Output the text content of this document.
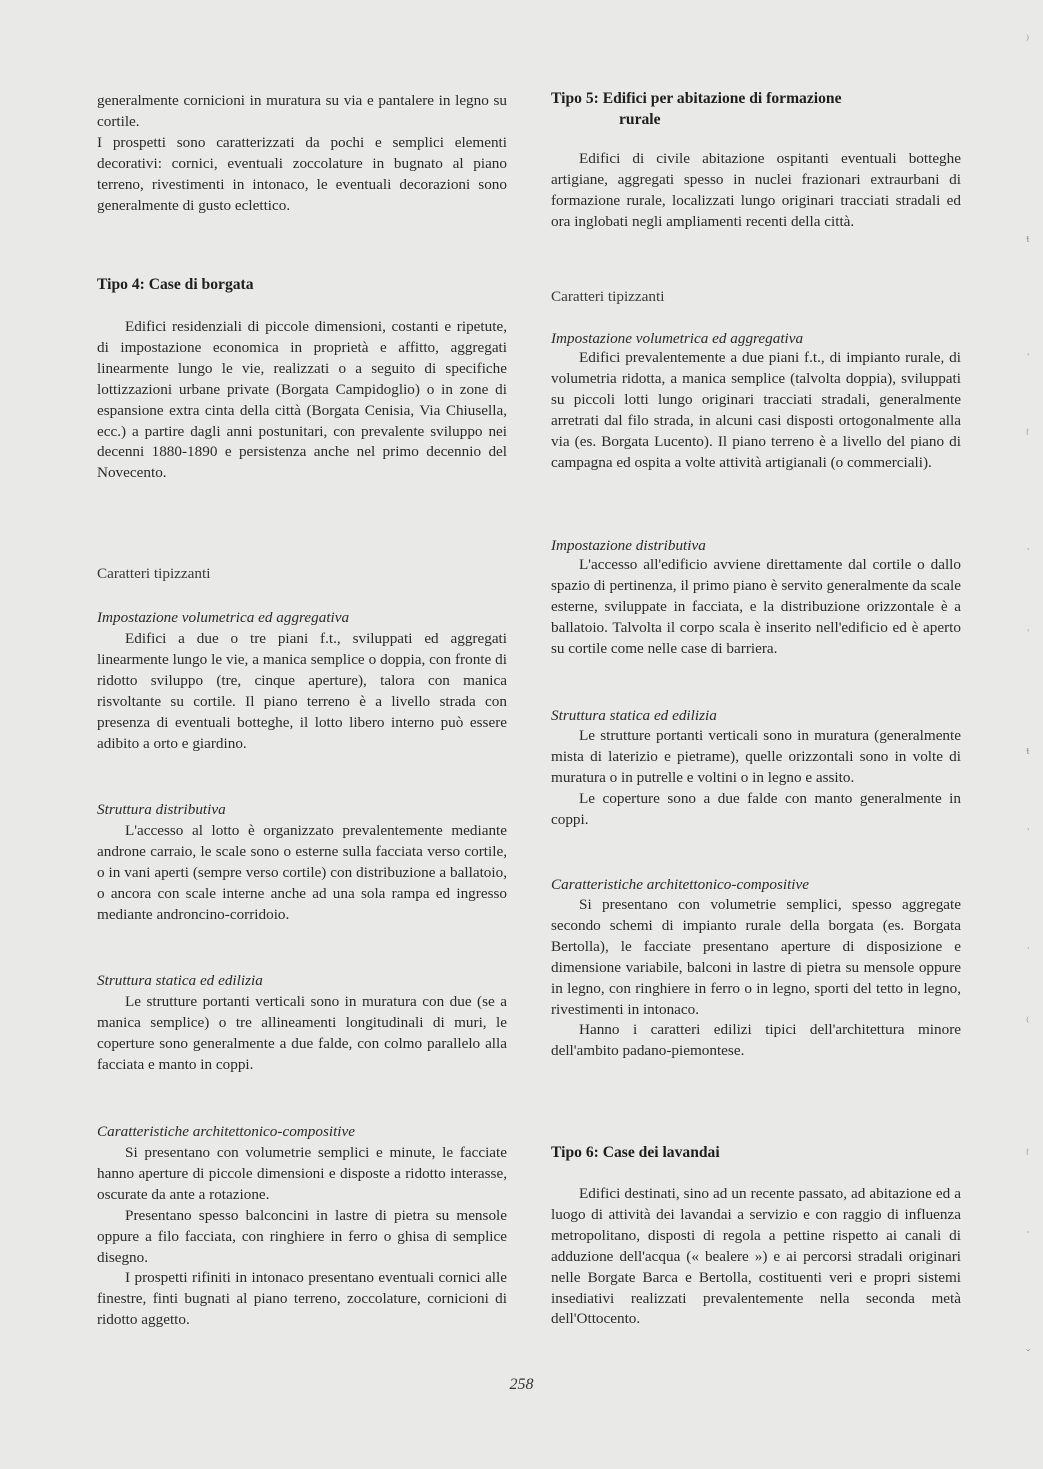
generalmente cornicioni in muratura su via e pantalere in legno su cortile.

I prospetti sono caratterizzati da pochi e semplici elementi decorativi: cornici, eventuali zoccolature in bugnato al piano terreno, rivestimenti in intonaco, le eventuali decorazioni sono generalmente di gusto eclettico.

Tipo 4: Case di borgata

Edifici residenziali di piccole dimensioni, costanti e ripetute, di impostazione economica in proprietà e affitto, aggregati linearmente lungo le vie, realizzati o a seguito di specifiche lottizzazioni urbane private (Borgata Campidoglio) o in zone di espansione extra cinta della città (Borgata Cenisia, Via Chiusella, ecc.) a partire dagli anni postunitari, con prevalente sviluppo nei decenni 1880-1890 e persistenza anche nel primo decennio del Novecento.

Caratteri tipizzanti
Impostazione volumetrica ed aggregativa

Edifici a due o tre piani f.t., sviluppati ed aggregati linearmente lungo le vie, a manica semplice o doppia, con fronte di ridotto sviluppo (tre, cinque aperture), talora con manica risvoltante su cortile. Il piano terreno è a livello strada con presenza di eventuali botteghe, il lotto libero interno può essere adibito a orto e giardino.

Struttura distributiva

L'accesso al lotto è organizzato prevalentemente mediante androne carraio, le scale sono o esterne sulla facciata verso cortile, o in vani aperti (sempre verso cortile) con distribuzione a ballatoio, o ancora con scale interne anche ad una sola rampa ed ingresso mediante androncino-corridoio.

Struttura statica ed edilizia

Le strutture portanti verticali sono in muratura con due (se a manica semplice) o tre allineamenti longitudinali di muri, le coperture sono generalmente a due falde, con colmo parallelo alla facciata e manto in coppi.

Caratteristiche architettonico-compositive

Si presentano con volumetrie semplici e minute, le facciate hanno aperture di piccole dimensioni e disposte a ridotto interasse, oscurate da ante a rotazione.

Presentano spesso balconcini in lastre di pietra su mensole oppure a filo facciata, con ringhiere in ferro o ghisa di semplice disegno.

I prospetti rifiniti in intonaco presentano eventuali cornici alle finestre, finti bugnati al piano terreno, zoccolature, cornicioni di ridotto aggetto.

Tipo 5: Edifici per abitazione di formazione
rurale

Edifici di civile abitazione ospitanti eventuali botteghe artigiane, aggregati spesso in nuclei frazionari extraurbani di formazione rurale, localizzati lungo originari tracciati stradali ed ora inglobati negli ampliamenti recenti della città.

Caratteri tipizzanti
Impostazione volumetrica ed aggregativa

Edifici prevalentemente a due piani f.t., di impianto rurale, di volumetria ridotta, a manica semplice (talvolta doppia), sviluppati su piccoli lotti lungo originari tracciati stradali, generalmente arretrati dal filo strada, in alcuni casi disposti ortogonalmente alla via (es. Borgata Lucento). Il piano terreno è a livello del piano di campagna ed ospita a volte attività artigianali (o commerciali).

Impostazione distributiva

L'accesso all'edificio avviene direttamente dal cortile o dallo spazio di pertinenza, il primo piano è servito generalmente da scale esterne, sviluppate in facciata, e la distribuzione orizzontale è a ballatoio. Talvolta il corpo scala è inserito nell'edificio ed è aperto su cortile come nelle case di barriera.

Struttura statica ed edilizia

Le strutture portanti verticali sono in muratura (generalmente mista di laterizio e pietrame), quelle orizzontali sono in volte di muratura o in putrelle e voltini o in legno e assito.

Le coperture sono a due falde con manto generalmente in coppi.

Caratteristiche architettonico-compositive

Si presentano con volumetrie semplici, spesso aggregate secondo schemi di impianto rurale della borgata (es. Borgata Bertolla), le facciate presentano aperture di disposizione e dimensione variabile, balconi in lastre di pietra su mensole oppure in legno, con ringhiere in ferro o in legno, sporti del tetto in legno, rivestimenti in intonaco.

Hanno i caratteri edilizi tipici dell'architettura minore dell'ambito padano-piemontese.

Tipo 6: Case dei lavandai

Edifici destinati, sino ad un recente passato, ad abitazione ed a luogo di attività dei lavandai a servizio e con raggio di influenza metropolitano, disposti di regola a pettine rispetto ai canali di adduzione dell'acqua (« bealere ») e ai percorsi stradali originari nelle Borgate Barca e Bertolla, costituenti veri e propri sistemi insediativi realizzati prevalentemente nella seconda metà dell'Ottocento.

258
⁾
ᵼ
ʾ
ᶠ
ˈ
ʾ
ᵼ
ʾ
ˈ
⁽
ᶠ
ˈ
ˇ
